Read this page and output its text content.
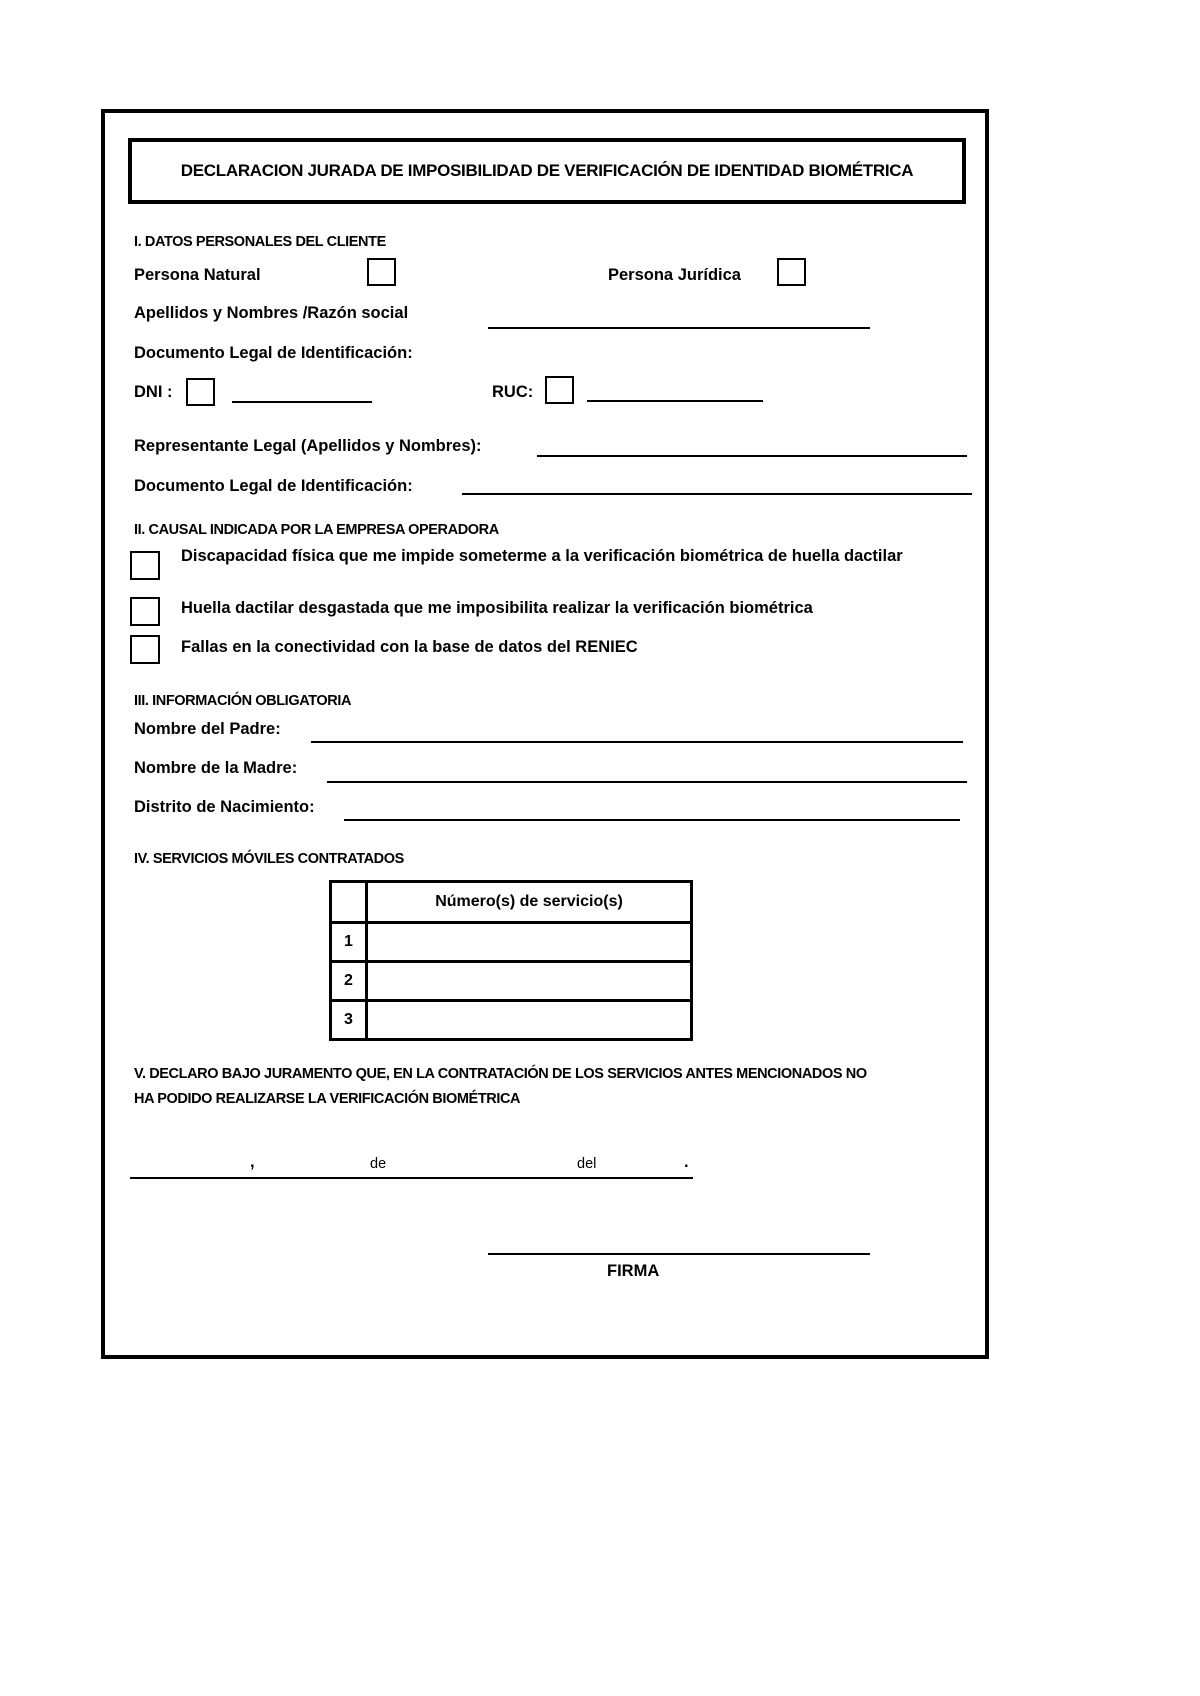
DECLARACION JURADA DE IMPOSIBILIDAD DE VERIFICACIÓN DE IDENTIDAD BIOMÉTRICA
I. DATOS PERSONALES DEL CLIENTE
Persona Natural	Persona Jurídica
Apellidos y Nombres /Razón social
Documento Legal de Identificación:
DNI :	RUC:
Representante Legal (Apellidos y Nombres):
Documento Legal de Identificación:
II. CAUSAL INDICADA POR LA EMPRESA OPERADORA
Discapacidad física que me impide someterme a la verificación biométrica de huella dactilar
Huella dactilar desgastada que me imposibilita realizar la verificación biométrica
Fallas en la conectividad con la base de datos del RENIEC
III. INFORMACIÓN OBLIGATORIA
Nombre del Padre:
Nombre de la Madre:
Distrito de Nacimiento:
IV. SERVICIOS MÓVILES CONTRATADOS
	Número(s) de servicio(s)
1	
2	
3	
V. DECLARO BAJO JURAMENTO QUE, EN LA CONTRATACIÓN DE LOS SERVICIOS ANTES MENCIONADOS NO
HA PODIDO REALIZARSE LA VERIFICACIÓN BIOMÉTRICA
,	de	del	.
FIRMA
